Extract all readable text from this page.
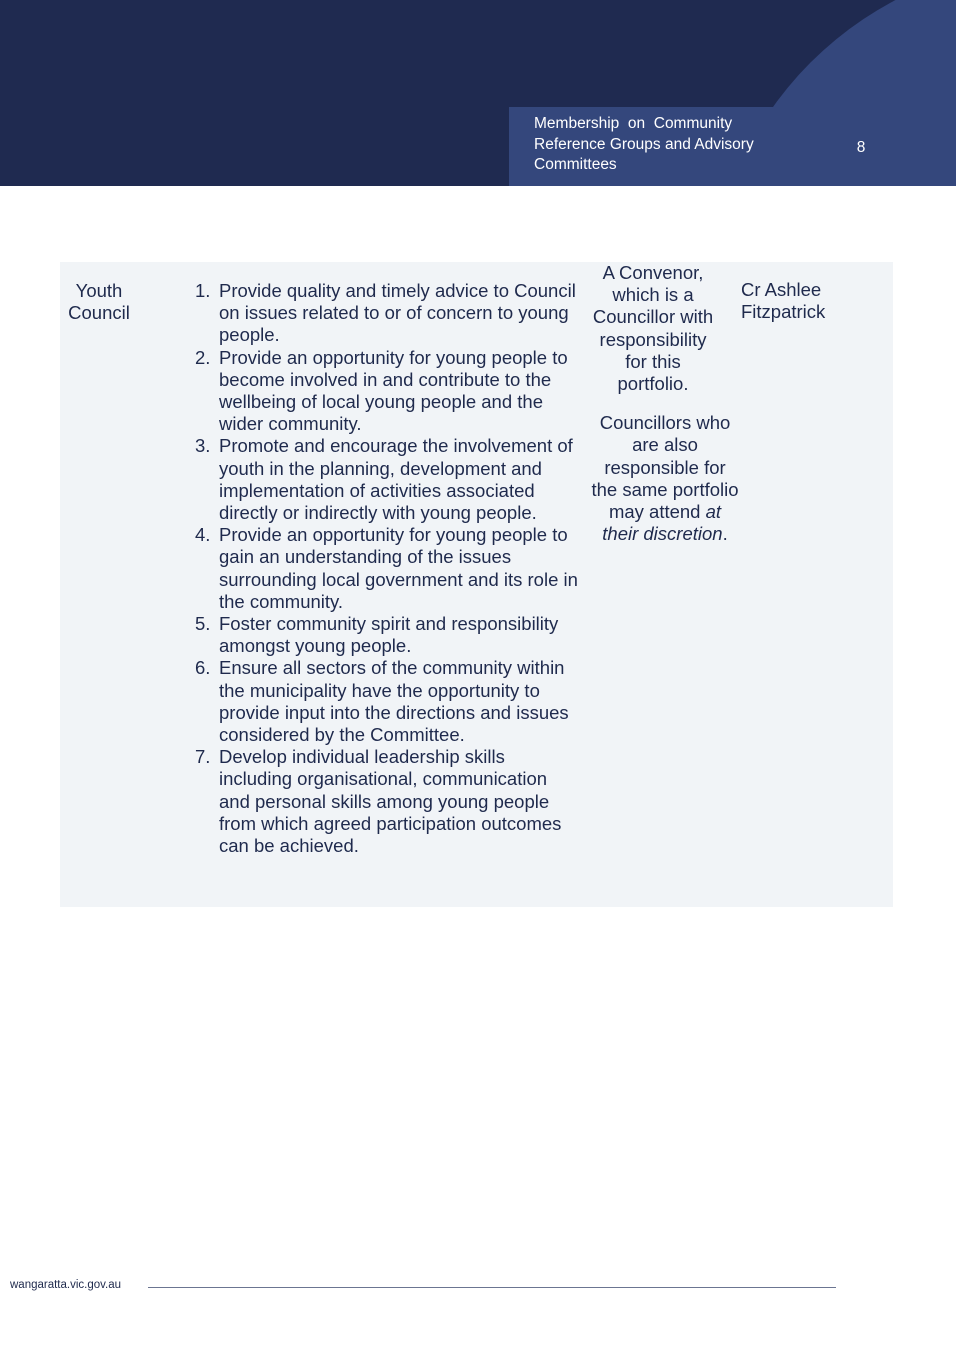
Membership  on  Community
Reference Groups and Advisory
Committees
8
Youth Council
1. Provide quality and timely advice to Council on issues related to or of concern to young people.
2. Provide an opportunity for young people to become involved in and contribute to the wellbeing of local young people and the wider community.
3. Promote and encourage the involvement of youth in the planning, development and implementation of activities associated directly or indirectly with young people.
4. Provide an opportunity for young people to gain an understanding of the issues surrounding local government and its role in the community.
5. Foster community spirit and responsibility amongst young people.
6. Ensure all sectors of the community within the municipality have the opportunity to provide input into the directions and issues considered by the Committee.
7. Develop individual leadership skills including organisational, communication and personal skills among young people from which agreed participation outcomes can be achieved.

A Convenor, which is a Councillor with responsibility for this portfolio.

Councillors who are also responsible for the same portfolio may attend at their discretion.

Cr Ashlee Fitzpatrick
wangaratta.vic.gov.au
